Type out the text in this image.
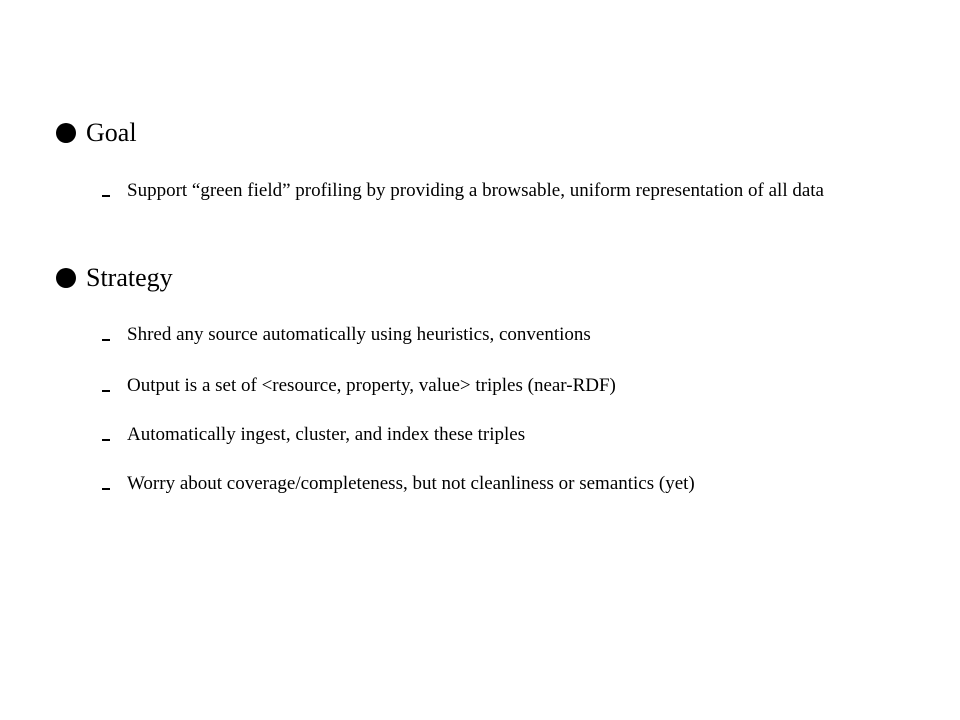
Goal
Support “green field” profiling by providing a browsable, uniform representation of all data
Strategy
Shred any source automatically using heuristics, conventions
Output is a set of <resource, property, value> triples (near-RDF)
Automatically ingest, cluster, and index these triples
Worry about coverage/completeness, but not cleanliness or semantics (yet)
